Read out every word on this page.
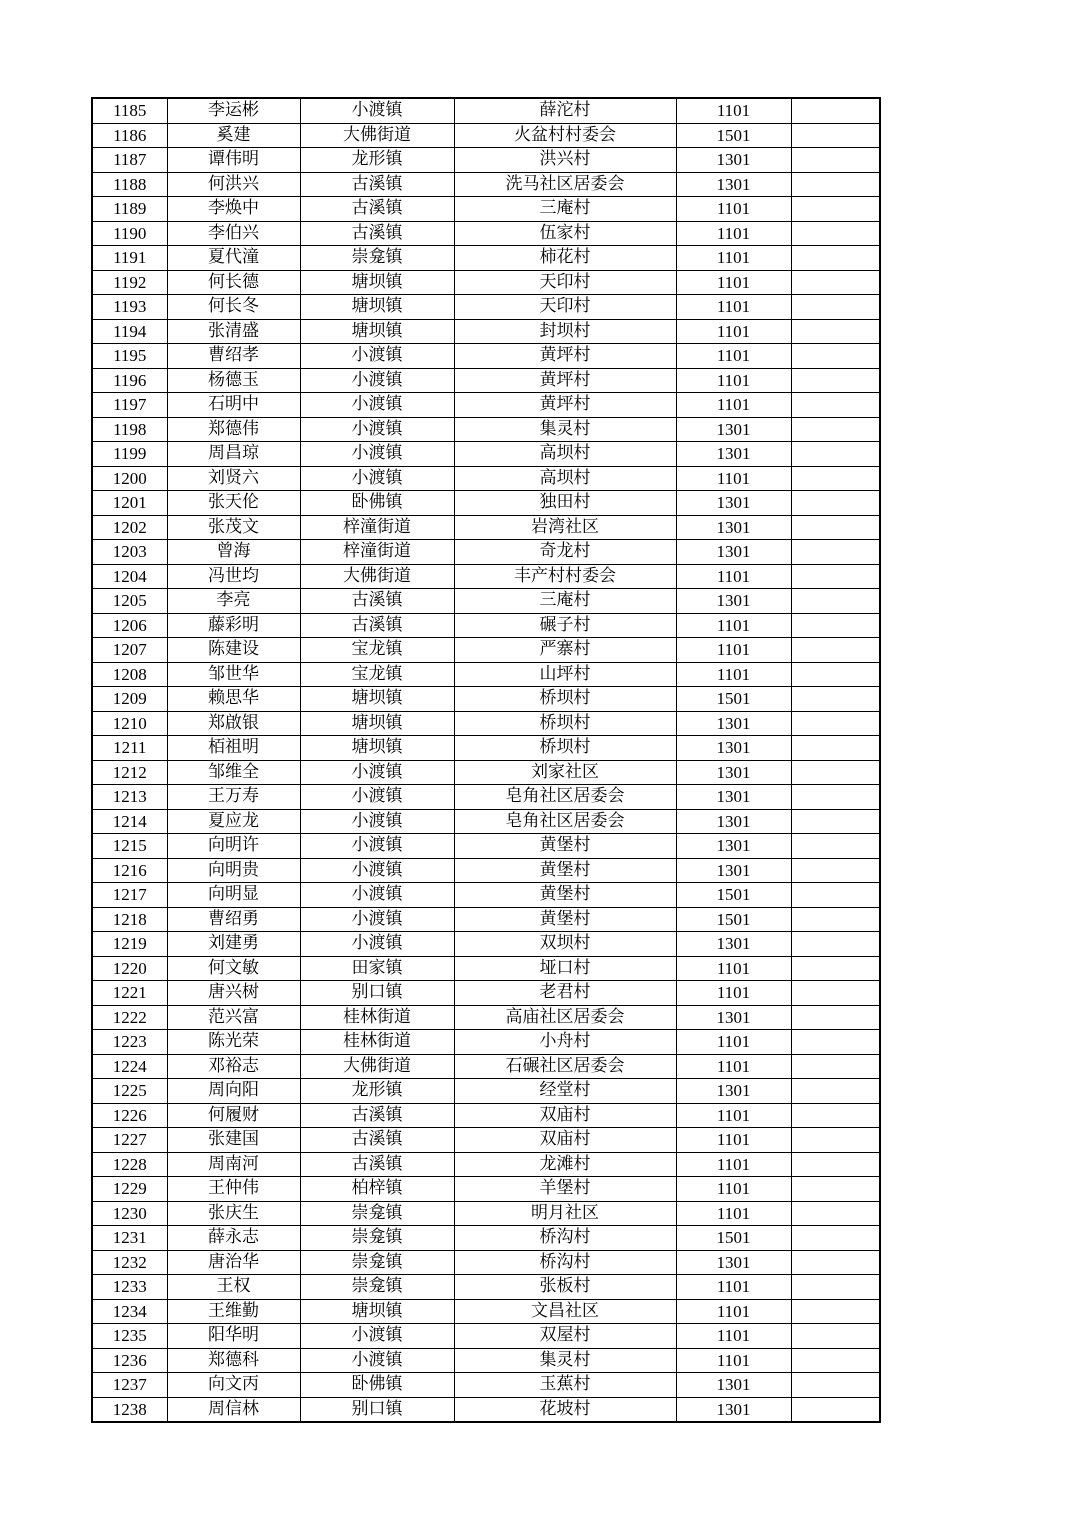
1185	李运彬	小渡镇	薛沱村	1101	
1186	奚建	大佛街道	火盆村村委会	1501	
1187	谭伟明	龙形镇	洪兴村	1301	
1188	何洪兴	古溪镇	洗马社区居委会	1301	
1189	李焕中	古溪镇	三庵村	1101	
1190	李伯兴	古溪镇	伍家村	1101	
1191	夏代潼	崇龛镇	柿花村	1101	
1192	何长德	塘坝镇	天印村	1101	
1193	何长冬	塘坝镇	天印村	1101	
1194	张清盛	塘坝镇	封坝村	1101	
1195	曹绍孝	小渡镇	黄坪村	1101	
1196	杨德玉	小渡镇	黄坪村	1101	
1197	石明中	小渡镇	黄坪村	1101	
1198	郑德伟	小渡镇	集灵村	1301	
1199	周昌琼	小渡镇	高坝村	1301	
1200	刘贤六	小渡镇	高坝村	1101	
1201	张天伦	卧佛镇	独田村	1301	
1202	张茂文	梓潼街道	岩湾社区	1301	
1203	曾海	梓潼街道	奇龙村	1301	
1204	冯世均	大佛街道	丰产村村委会	1101	
1205	李亮	古溪镇	三庵村	1301	
1206	藤彩明	古溪镇	碾子村	1101	
1207	陈建设	宝龙镇	严寨村	1101	
1208	邹世华	宝龙镇	山坪村	1101	
1209	赖思华	塘坝镇	桥坝村	1501	
1210	郑啟银	塘坝镇	桥坝村	1301	
1211	栢祖明	塘坝镇	桥坝村	1301	
1212	邹维全	小渡镇	刘家社区	1301	
1213	王万寿	小渡镇	皂角社区居委会	1301	
1214	夏应龙	小渡镇	皂角社区居委会	1301	
1215	向明许	小渡镇	黄堡村	1301	
1216	向明贵	小渡镇	黄堡村	1301	
1217	向明显	小渡镇	黄堡村	1501	
1218	曹绍勇	小渡镇	黄堡村	1501	
1219	刘建勇	小渡镇	双坝村	1301	
1220	何文敏	田家镇	垭口村	1101	
1221	唐兴树	别口镇	老君村	1101	
1222	范兴富	桂林街道	高庙社区居委会	1301	
1223	陈光荣	桂林街道	小舟村	1101	
1224	邓裕志	大佛街道	石碾社区居委会	1101	
1225	周向阳	龙形镇	经堂村	1301	
1226	何履财	古溪镇	双庙村	1101	
1227	张建国	古溪镇	双庙村	1101	
1228	周南河	古溪镇	龙滩村	1101	
1229	王仲伟	柏梓镇	羊堡村	1101	
1230	张庆生	崇龛镇	明月社区	1101	
1231	薛永志	崇龛镇	桥沟村	1501	
1232	唐治华	崇龛镇	桥沟村	1301	
1233	王权	崇龛镇	张板村	1101	
1234	王维勤	塘坝镇	文昌社区	1101	
1235	阳华明	小渡镇	双屋村	1101	
1236	郑德科	小渡镇	集灵村	1101	
1237	向文丙	卧佛镇	玉蕉村	1301	
1238	周信林	别口镇	花坡村	1301	
